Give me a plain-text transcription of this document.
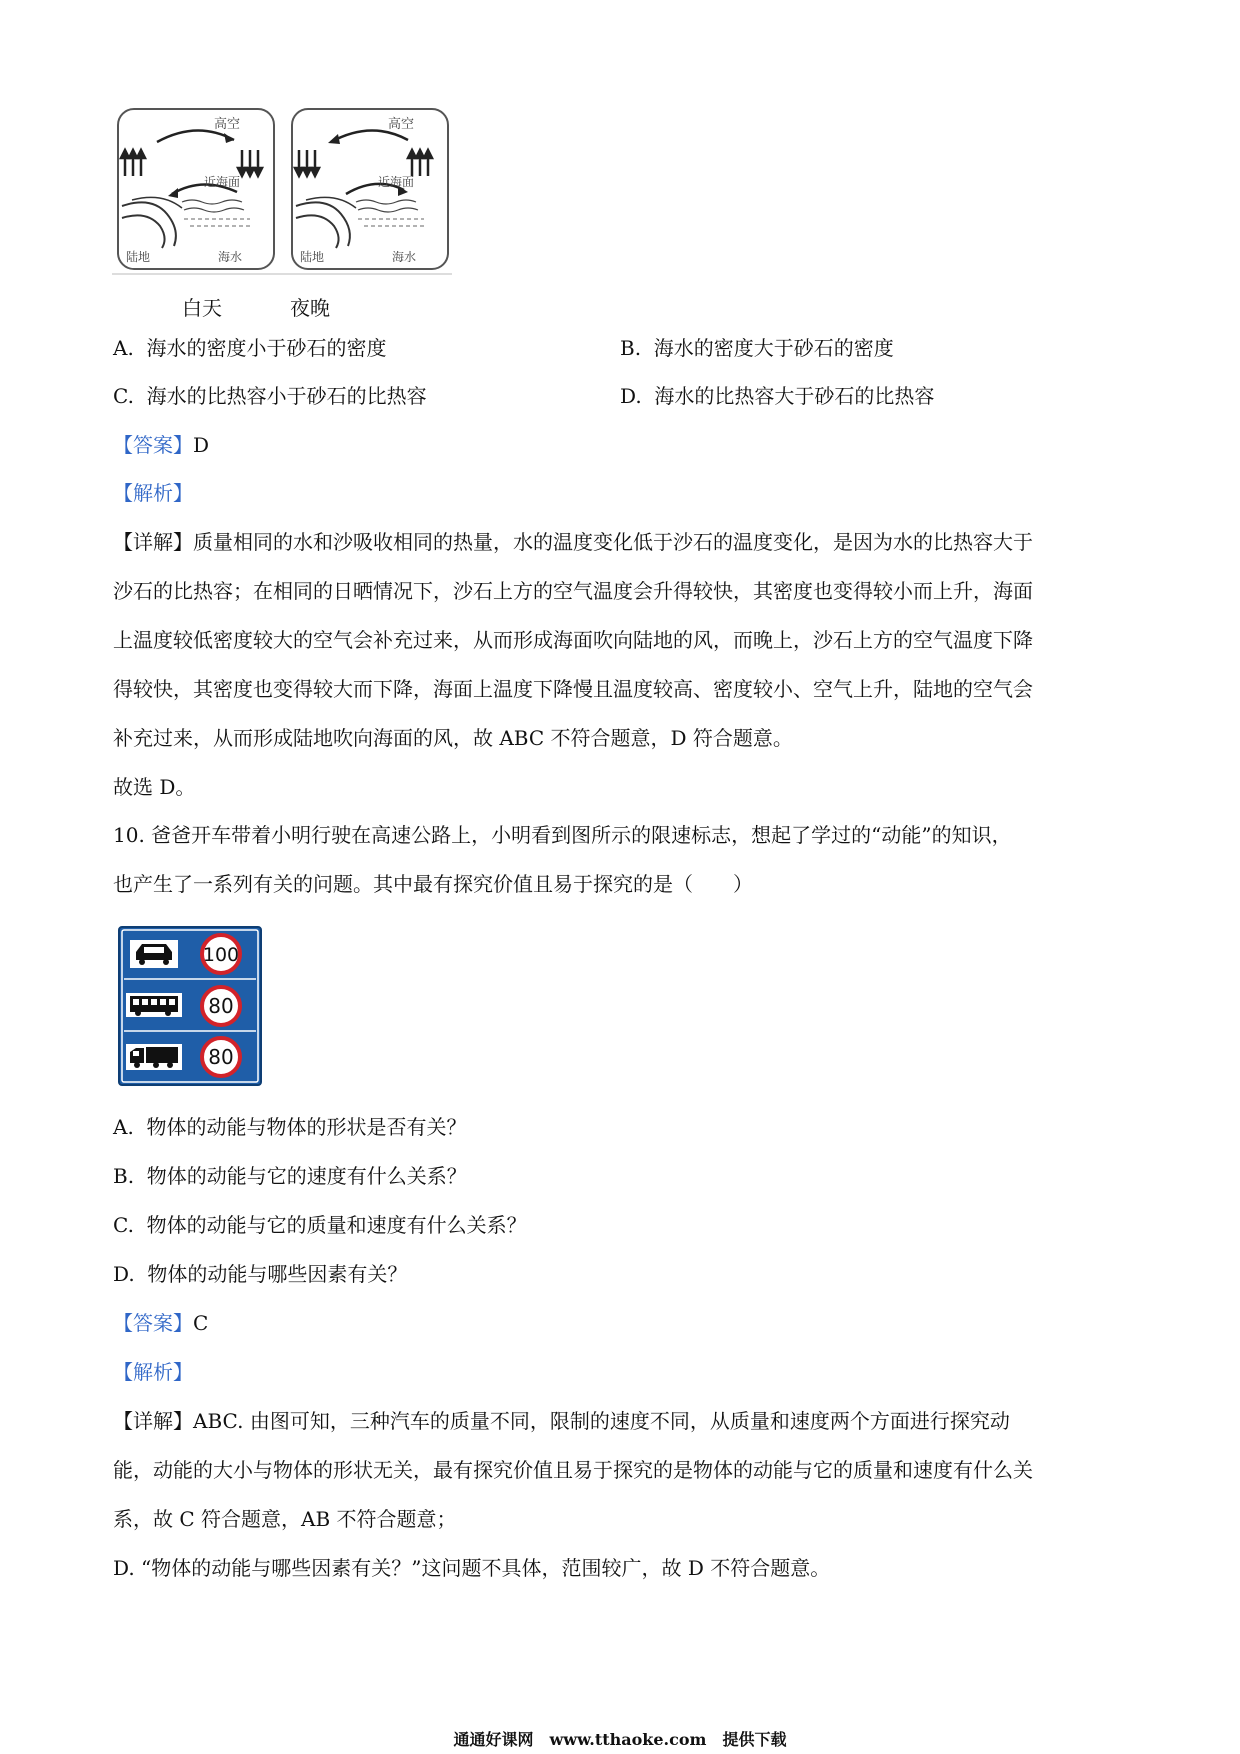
高空
近海面
陆地	海水
高空
近海面
陆地	海水
白天	夜晚
A. 海水的密度小于砂石的密度	B. 海水的密度大于砂石的密度
C. 海水的比热容小于砂石的比热容	D. 海水的比热容大于砂石的比热容
【答案】D
【解析】
【详解】质量相同的水和沙吸收相同的热量，水的温度变化低于沙石的温度变化，是因为水的比热容大于
沙石的比热容；在相同的日晒情况下，沙石上方的空气温度会升得较快，其密度也变得较小而上升，海面
上温度较低密度较大的空气会补充过来，从而形成海面吹向陆地的风，而晚上，沙石上方的空气温度下降
得较快，其密度也变得较大而下降，海面上温度下降慢且温度较高、密度较小、空气上升，陆地的空气会
补充过来，从而形成陆地吹向海面的风，故 ABC 不符合题意，D 符合题意。
故选 D。
10. 爸爸开车带着小明行驶在高速公路上，小明看到图所示的限速标志，想起了学过的“动能”的知识，
也产生了一系列有关的问题。其中最有探究价值且易于探究的是（　　）
100
80
80
A. 物体的动能与物体的形状是否有关？
B. 物体的动能与它的速度有什么关系？
C. 物体的动能与它的质量和速度有什么关系？
D. 物体的动能与哪些因素有关？
【答案】C
【解析】
【详解】ABC. 由图可知，三种汽车的质量不同，限制的速度不同，从质量和速度两个方面进行探究动
能，动能的大小与物体的形状无关，最有探究价值且易于探究的是物体的动能与它的质量和速度有什么关
系，故 C 符合题意，AB 不符合题意；
D. “物体的动能与哪些因素有关？”这问题不具体，范围较广，故 D 不符合题意。
通通好课网　www.tthaoke.com　提供下载
